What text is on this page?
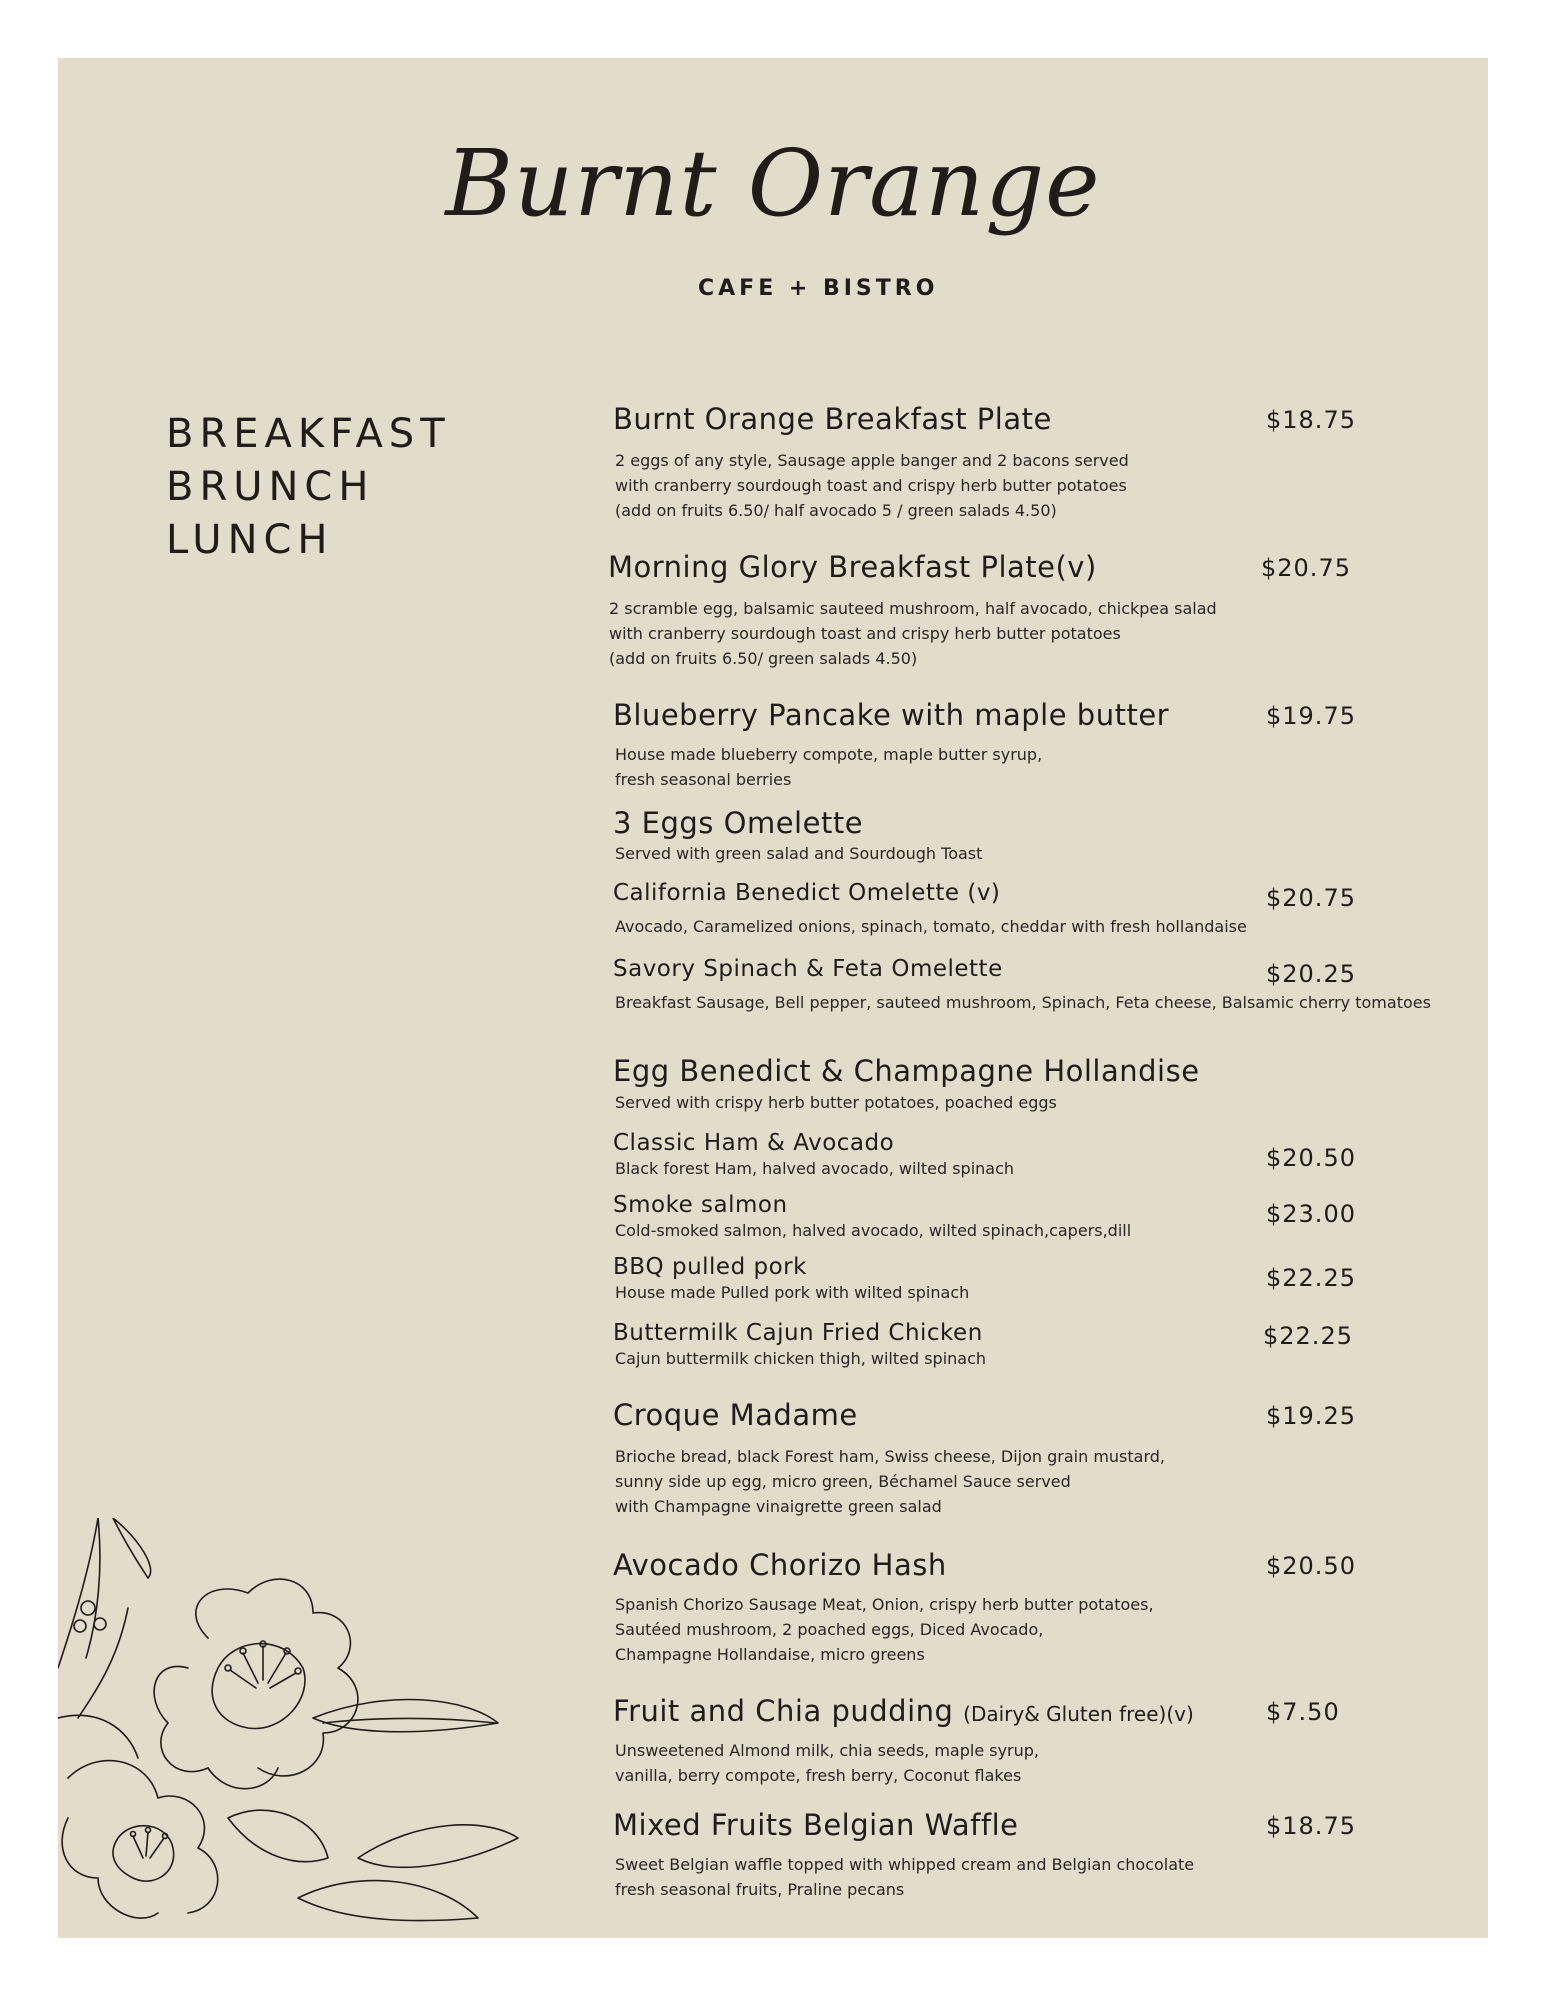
Burnt Orange
CAFE + BISTRO
BREAKFAST
BRUNCH
LUNCH
Burnt Orange Breakfast Plate	$18.75
2 eggs of any style, Sausage apple banger and 2 bacons served
with cranberry sourdough toast and crispy herb butter potatoes
(add on fruits 6.50/ half avocado 5 / green salads 4.50)
Morning Glory Breakfast Plate(v)	$20.75
2 scramble egg, balsamic sauteed mushroom, half avocado, chickpea salad
with cranberry sourdough toast and crispy herb butter potatoes
(add on fruits 6.50/ green salads 4.50)
Blueberry Pancake with maple butter	$19.75
House made blueberry compote, maple butter syrup,
fresh seasonal berries
3 Eggs Omelette
Served with green salad and Sourdough Toast
California Benedict Omelette (v)	$20.75
Avocado, Caramelized onions, spinach, tomato, cheddar with fresh hollandaise
Savory Spinach & Feta Omelette	$20.25
Breakfast Sausage, Bell pepper, sauteed mushroom, Spinach, Feta cheese, Balsamic cherry tomatoes
Egg Benedict & Champagne Hollandise
Served with crispy herb butter potatoes, poached eggs
Classic Ham & Avocado
Black forest Ham, halved avocado, wilted spinach	$20.50
Smoke salmon
Cold-smoked salmon, halved avocado, wilted spinach,capers,dill
$23.00
BBQ pulled pork
House made Pulled pork with wilted spinach
$22.25
Buttermilk Cajun Fried Chicken
Cajun buttermilk chicken thigh, wilted spinach
$22.25
Croque Madame	$19.25
Brioche bread, black Forest ham, Swiss cheese, Dijon grain mustard,
sunny side up egg, micro green, Béchamel Sauce served
with Champagne vinaigrette green salad
Avocado Chorizo Hash	$20.50
Spanish Chorizo Sausage Meat, Onion, crispy herb butter potatoes,
Sautéed mushroom, 2 poached eggs, Diced Avocado,
Champagne Hollandaise, micro greens
Fruit and Chia pudding (Dairy& Gluten free)(v)	$7.50
Unsweetened Almond milk, chia seeds, maple syrup,
vanilla, berry compote, fresh berry, Coconut flakes
Mixed Fruits Belgian Waffle	$18.75
Sweet Belgian waffle topped with whipped cream and Belgian chocolate
fresh seasonal fruits, Praline pecans
